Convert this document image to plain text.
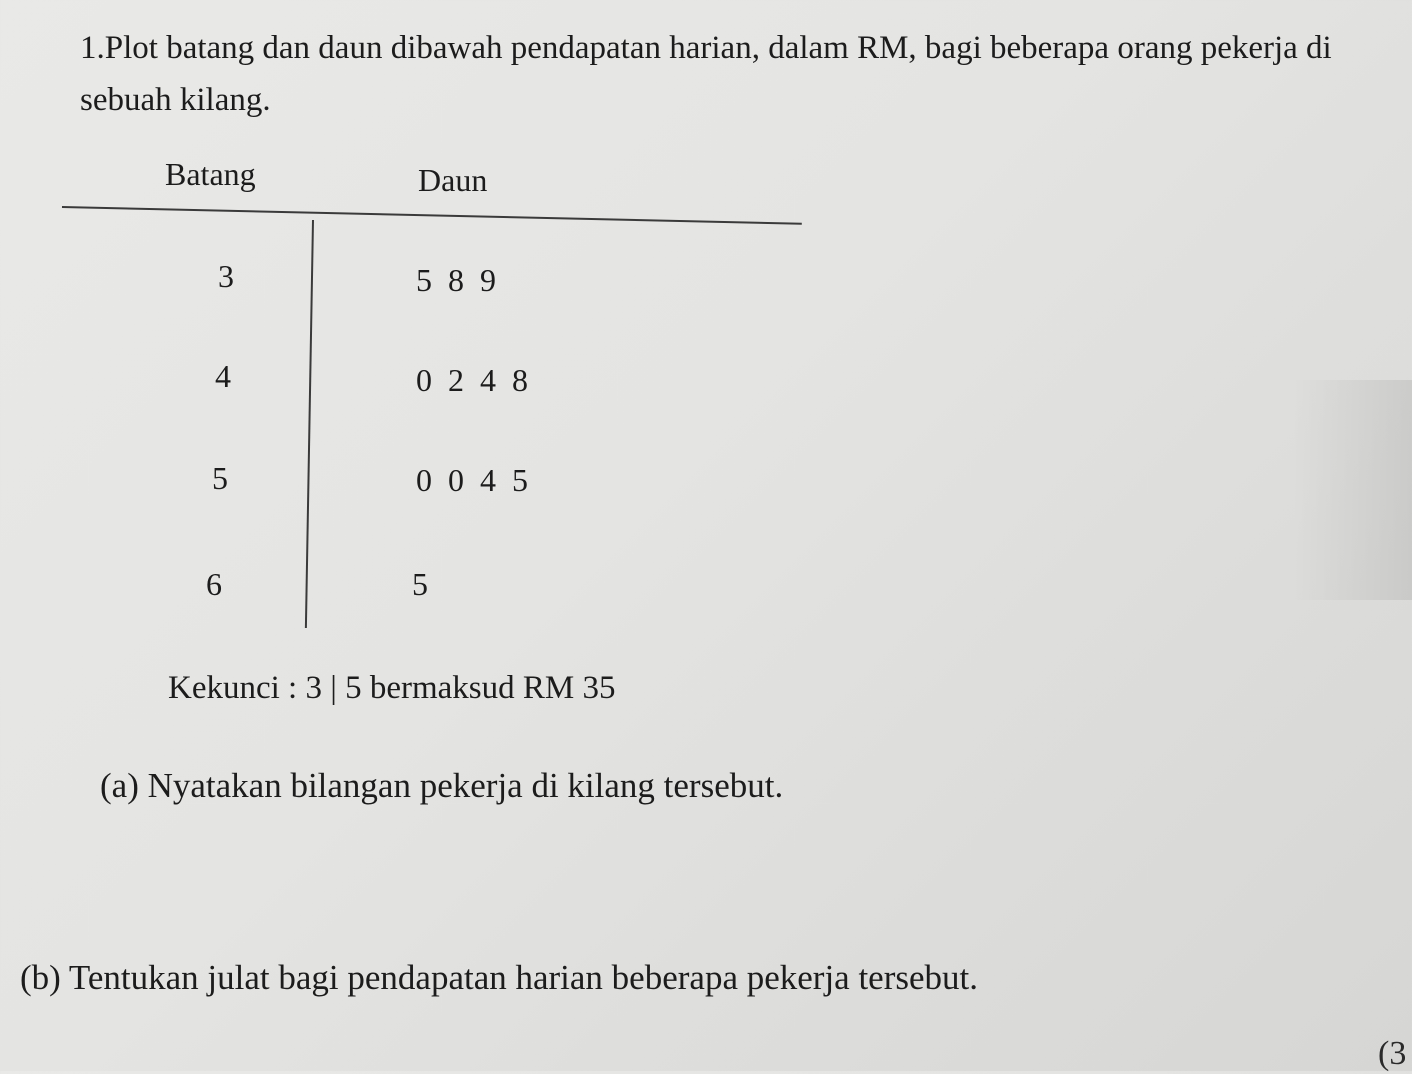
1.Plot batang dan daun dibawah pendapatan harian, dalam RM, bagi beberapa orang pekerja di sebuah kilang.

Batang	Daun
3	5 8 9
4	0 2 4 8
5	0 0 4 5
6	5
Kekunci : 3 | 5 bermaksud RM 35
(a) Nyatakan bilangan pekerja di kilang tersebut.
(b) Tentukan julat bagi pendapatan harian beberapa pekerja tersebut.
(3
